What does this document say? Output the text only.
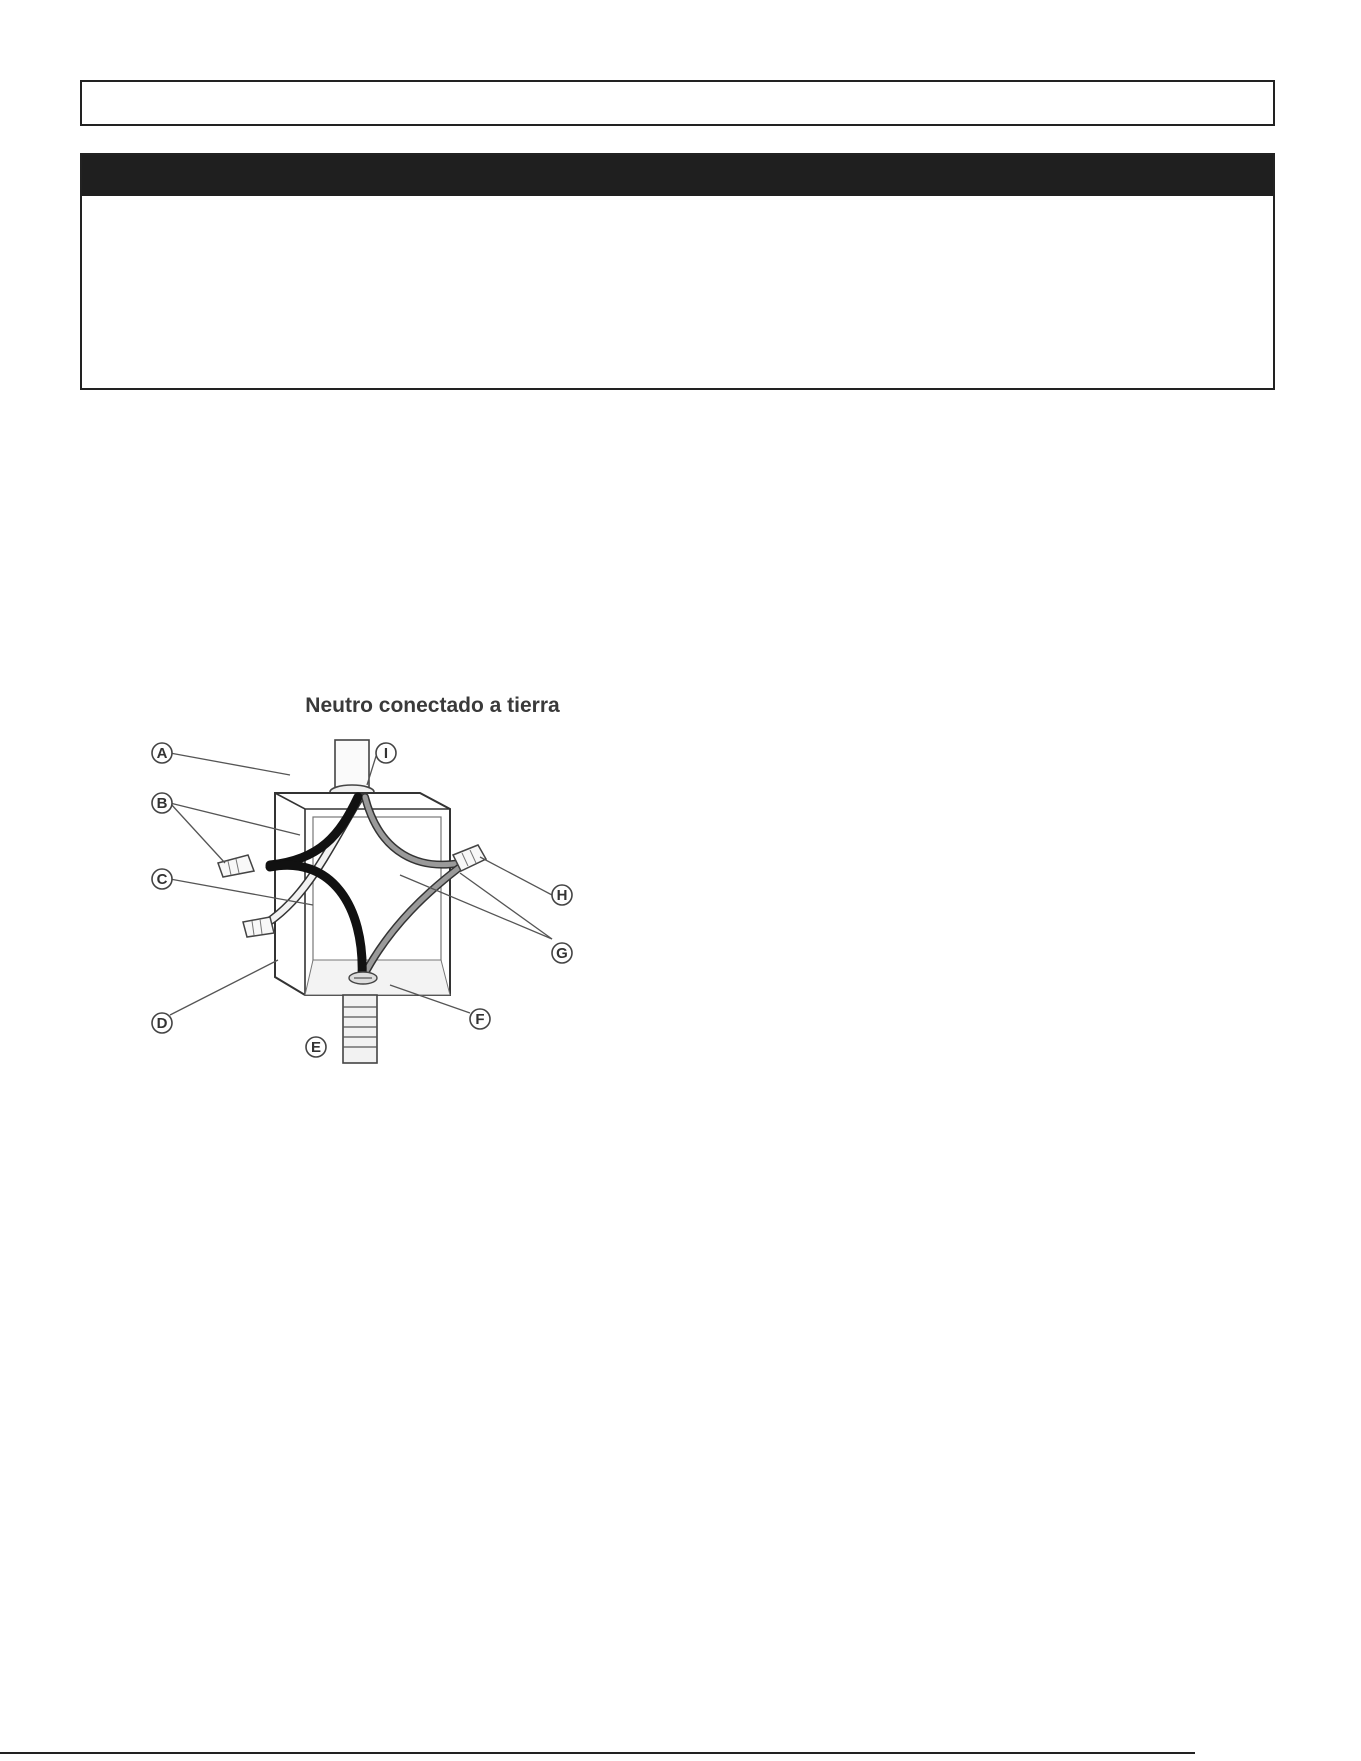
A
B
C
D
E
F
G
H
I
Neutro conectado a tierra
